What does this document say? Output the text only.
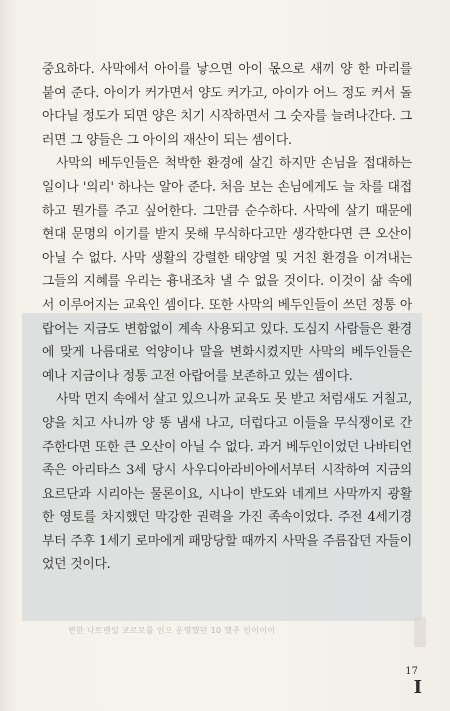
중요하다. 사막에서 아이를 낳으면 아이 몫으로 새끼 양 한 마리를 붙여 준다. 아이가 커가면서 양도 커가고, 아이가 어느 정도 커서 돌아다닐 정도가 되면 양은 치기 시작하면서 그 숫자를 늘려나간다. 그러면 그 양들은 그 아이의 재산이 되는 셈이다.

사막의 베두인들은 척박한 환경에 살긴 하지만 손님을 접대하는 일이나 '의리' 하나는 알아 준다. 처음 보는 손님에게도 늘 차를 대접하고 뭔가를 주고 싶어한다. 그만큼 순수하다. 사막에 살기 때문에 현대 문명의 이기를 받지 못해 무식하다고만 생각한다면 큰 오산이 아닐 수 없다. 사막 생활의 강렬한 태양열 및 거친 환경을 이겨내는 그들의 지혜를 우리는 흉내조차 낼 수 없을 것이다. 이것이 삶 속에서 이루어지는 교육인 셈이다. 또한 사막의 베두인들이 쓰던 정통 아랍어는 지금도 변함없이 계속 사용되고 있다. 도심지 사람들은 환경에 맞게 나름대로 억양이나 말을 변화시켰지만 사막의 베두인들은 예나 지금이나 정통 고전 아랍어를 보존하고 있는 셈이다.

사막 먼지 속에서 살고 있으니까 교육도 못 받고 처럼새도 거칠고, 양을 치고 사니까 양 똥 냄새 나고, 더럽다고 이들을 무식쟁이로 간주한다면 또한 큰 오산이 아닐 수 없다. 과거 베두인이었던 나바티언 족은 아리타스 3세 당시 사우디아라비아에서부터 시작하여 지금의 요르단과 시리아는 물론이요, 시나이 반도와 네게브 사막까지 광활한 영토를 차지했던 막강한 권력을 가진 족속이었다. 주전 4세기경부터 주후 1세기 로마에게 패망당할 때까지 사막을 주름잡던 자들이었던 것이다.

변한 나트렌일 코르로를 인으 운명했던 10 했주 인이이이
17
I
